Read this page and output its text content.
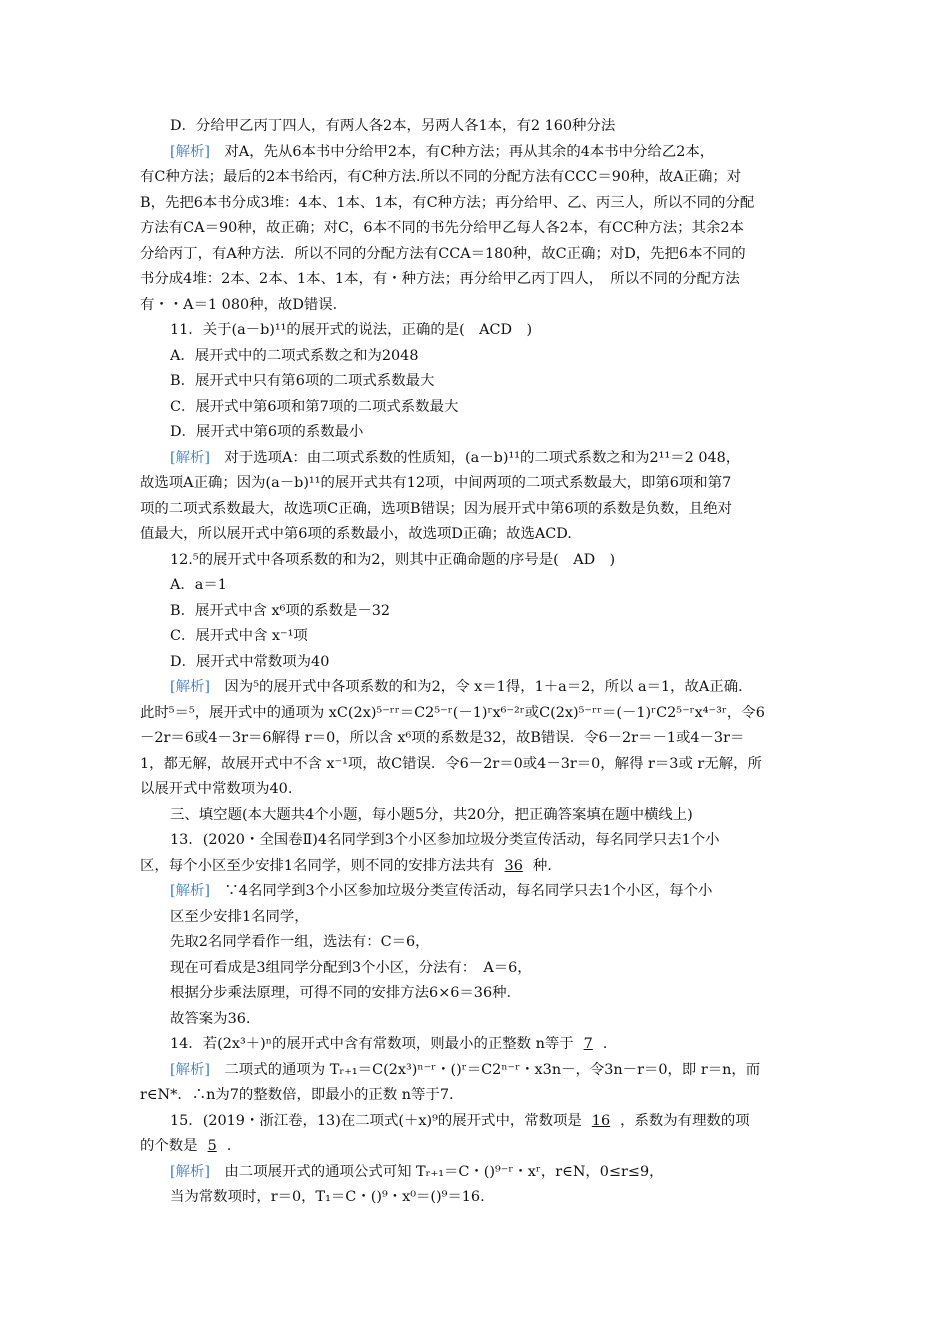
D．分给甲乙丙丁四人，有两人各2本，另两人各1本，有2 160种分法
[解析]　对A，先从6本书中分给甲2本，有C种方法；再从其余的4本书中分给乙2本，
有C种方法；最后的2本书给丙，有C种方法.所以不同的分配方法有CCC＝90种，故A正确；对
B，先把6本书分成3堆：4本、1本、1本，有C种方法；再分给甲、乙、丙三人，所以不同的分配
方法有CA＝90种，故正确；对C，6本不同的书先分给甲乙每人各2本，有CC种方法；其余2本
分给丙丁，有A种方法．所以不同的分配方法有CCA＝180种，故C正确；对D，先把6本不同的
书分成4堆：2本、2本、1本、1本，有・种方法；再分给甲乙丙丁四人，　所以不同的分配方法
有・・A＝1 080种，故D错误．
11．关于(a－b)¹¹的展开式的说法，正确的是(　ACD　)
A．展开式中的二项式系数之和为2048
B．展开式中只有第6项的二项式系数最大
C．展开式中第6项和第7项的二项式系数最大
D．展开式中第6项的系数最小
[解析]　对于选项A：由二项式系数的性质知，(a－b)¹¹的二项式系数之和为2¹¹＝2 048，
故选项A正确；因为(a－b)¹¹的展开式共有12项，中间两项的二项式系数最大，即第6项和第7
项的二项式系数最大，故选项C正确，选项B错误；因为展开式中第6项的系数是负数，且绝对
值最大，所以展开式中第6项的系数最小，故选项D正确；故选ACD.
12.⁵的展开式中各项系数的和为2，则其中正确命题的序号是(　AD　)
A．a＝1
B．展开式中含 x⁶项的系数是－32
C．展开式中含 x⁻¹项
D．展开式中常数项为40
[解析]　因为⁵的展开式中各项系数的和为2，令 x＝1得，1＋a＝2，所以 a＝1，故A正确.
此时⁵＝⁵，展开式中的通项为 xC(2x)⁵⁻ʳʳ＝C2⁵⁻ʳ(－1)ʳx⁶⁻²ʳ或C(2x)⁵⁻ʳʳ＝(－1)ʳC2⁵⁻ʳx⁴⁻³ʳ，令6
－2r＝6或4－3r＝6解得 r＝0，所以含 x⁶项的系数是32，故B错误．令6－2r＝－1或4－3r＝
1，都无解，故展开式中不含 x⁻¹项，故C错误．令6－2r＝0或4－3r＝0，解得 r＝3或 r无解，所
以展开式中常数项为40.
三、填空题(本大题共4个小题，每小题5分，共20分，把正确答案填在题中横线上)
13．(2020・全国卷Ⅱ)4名同学到3个小区参加垃圾分类宣传活动，每名同学只去1个小
区，每个小区至少安排1名同学，则不同的安排方法共有 36 种.
[解析]　∵4名同学到3个小区参加垃圾分类宣传活动，每名同学只去1个小区，每个小
区至少安排1名同学，
先取2名同学看作一组，选法有：C＝6，
现在可看成是3组同学分配到3个小区，分法有：　A＝6，
根据分步乘法原理，可得不同的安排方法6×6＝36种．
故答案为36.
14．若(2x³＋)ⁿ的展开式中含有常数项，则最小的正整数 n等于 7 .
[解析]　二项式的通项为 Tᵣ₊₁＝C(2x³)ⁿ⁻ʳ・()ʳ＝C2ⁿ⁻ʳ・x3n－，令3n－r＝0，即 r＝n，而
r∈N*．∴n为7的整数倍，即最小的正数 n等于7.
15．(2019・浙江卷，13)在二项式(＋x)⁹的展开式中，常数项是 16 ，系数为有理数的项
的个数是 5 .
[解析]　由二项展开式的通项公式可知 Tᵣ₊₁＝C・()⁹⁻ʳ・xʳ，r∈N，0≤r≤9，
当为常数项时，r＝0，T₁＝C・()⁹・x⁰＝()⁹＝16.
